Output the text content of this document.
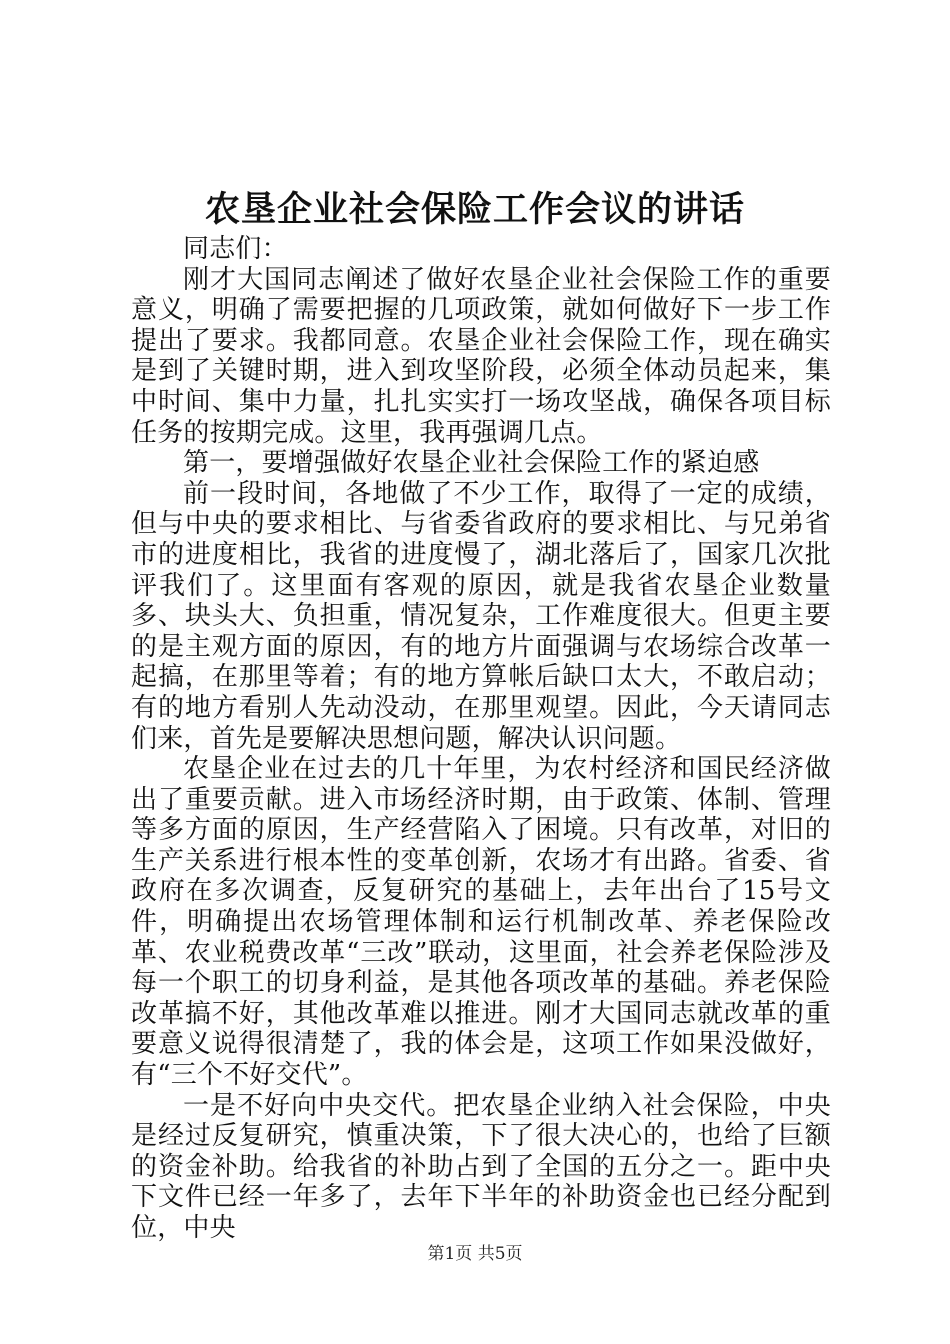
农垦企业社会保险工作会议的讲话

同志们：

刚才大国同志阐述了做好农垦企业社会保险工作的重要意义，明确了需要把握的几项政策，就如何做好下一步工作提出了要求。我都同意。农垦企业社会保险工作，现在确实是到了关键时期，进入到攻坚阶段，必须全体动员起来，集中时间、集中力量，扎扎实实打一场攻坚战，确保各项目标任务的按期完成。这里，我再强调几点。

第一，要增强做好农垦企业社会保险工作的紧迫感

前一段时间，各地做了不少工作，取得了一定的成绩，但与中央的要求相比、与省委省政府的要求相比、与兄弟省市的进度相比，我省的进度慢了，湖北落后了，国家几次批评我们了。这里面有客观的原因，就是我省农垦企业数量多、块头大、负担重，情况复杂，工作难度很大。但更主要的是主观方面的原因，有的地方片面强调与农场综合改革一起搞，在那里等着；有的地方算帐后缺口太大，不敢启动；有的地方看别人先动没动，在那里观望。因此，今天请同志们来，首先是要解决思想问题，解决认识问题。

农垦企业在过去的几十年里，为农村经济和国民经济做出了重要贡献。进入市场经济时期，由于政策、体制、管理等多方面的原因，生产经营陷入了困境。只有改革，对旧的生产关系进行根本性的变革创新，农场才有出路。省委、省政府在多次调查，反复研究的基础上，去年出台了15号文件，明确提出农场管理体制和运行机制改革、养老保险改革、农业税费改革“三改”联动，这里面，社会养老保险涉及每一个职工的切身利益，是其他各项改革的基础。养老保险改革搞不好，其他改革难以推进。刚才大国同志就改革的重要意义说得很清楚了，我的体会是，这项工作如果没做好，有“三个不好交代”。

一是不好向中央交代。把农垦企业纳入社会保险，中央是经过反复研究，慎重决策，下了很大决心的，也给了巨额的资金补助。给我省的补助占到了全国的五分之一。距中央下文件已经一年多了，去年下半年的补助资金也已经分配到位，中央

第1页 共5页
